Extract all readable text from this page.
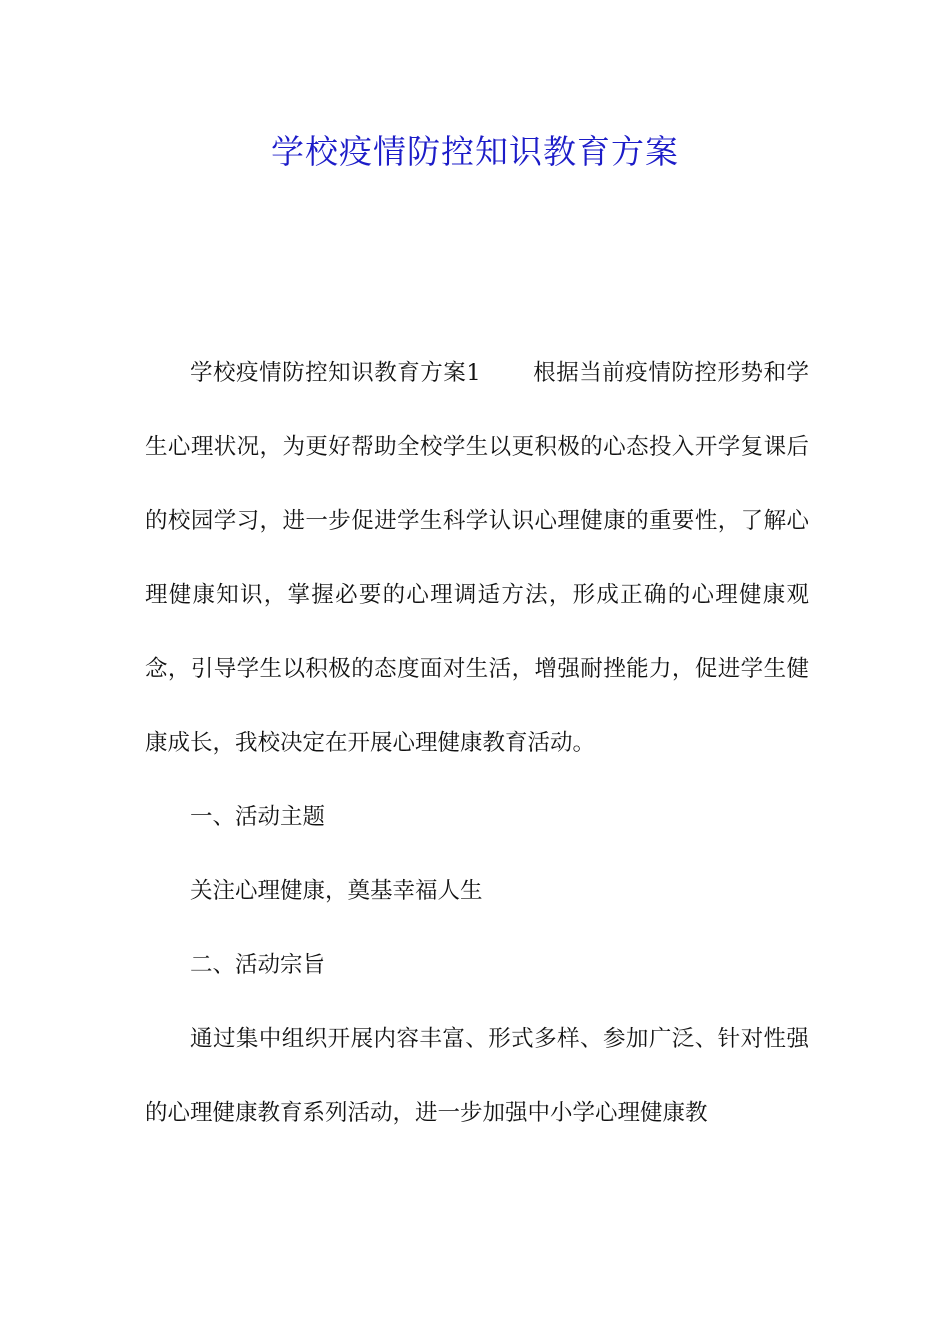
学校疫情防控知识教育方案

学校疫情防控知识教育方案1 根据当前疫情防控形势和学生心理状况，为更好帮助全校学生以更积极的心态投入开学复课后的校园学习，进一步促进学生科学认识心理健康的重要性，了解心理健康知识，掌握必要的心理调适方法，形成正确的心理健康观念，引导学生以积极的态度面对生活，增强耐挫能力，促进学生健康成长，我校决定在开展心理健康教育活动。

一、活动主题

关注心理健康，奠基幸福人生

二、活动宗旨

通过集中组织开展内容丰富、形式多样、参加广泛、针对性强的心理健康教育系列活动，进一步加强中小学心理健康教
